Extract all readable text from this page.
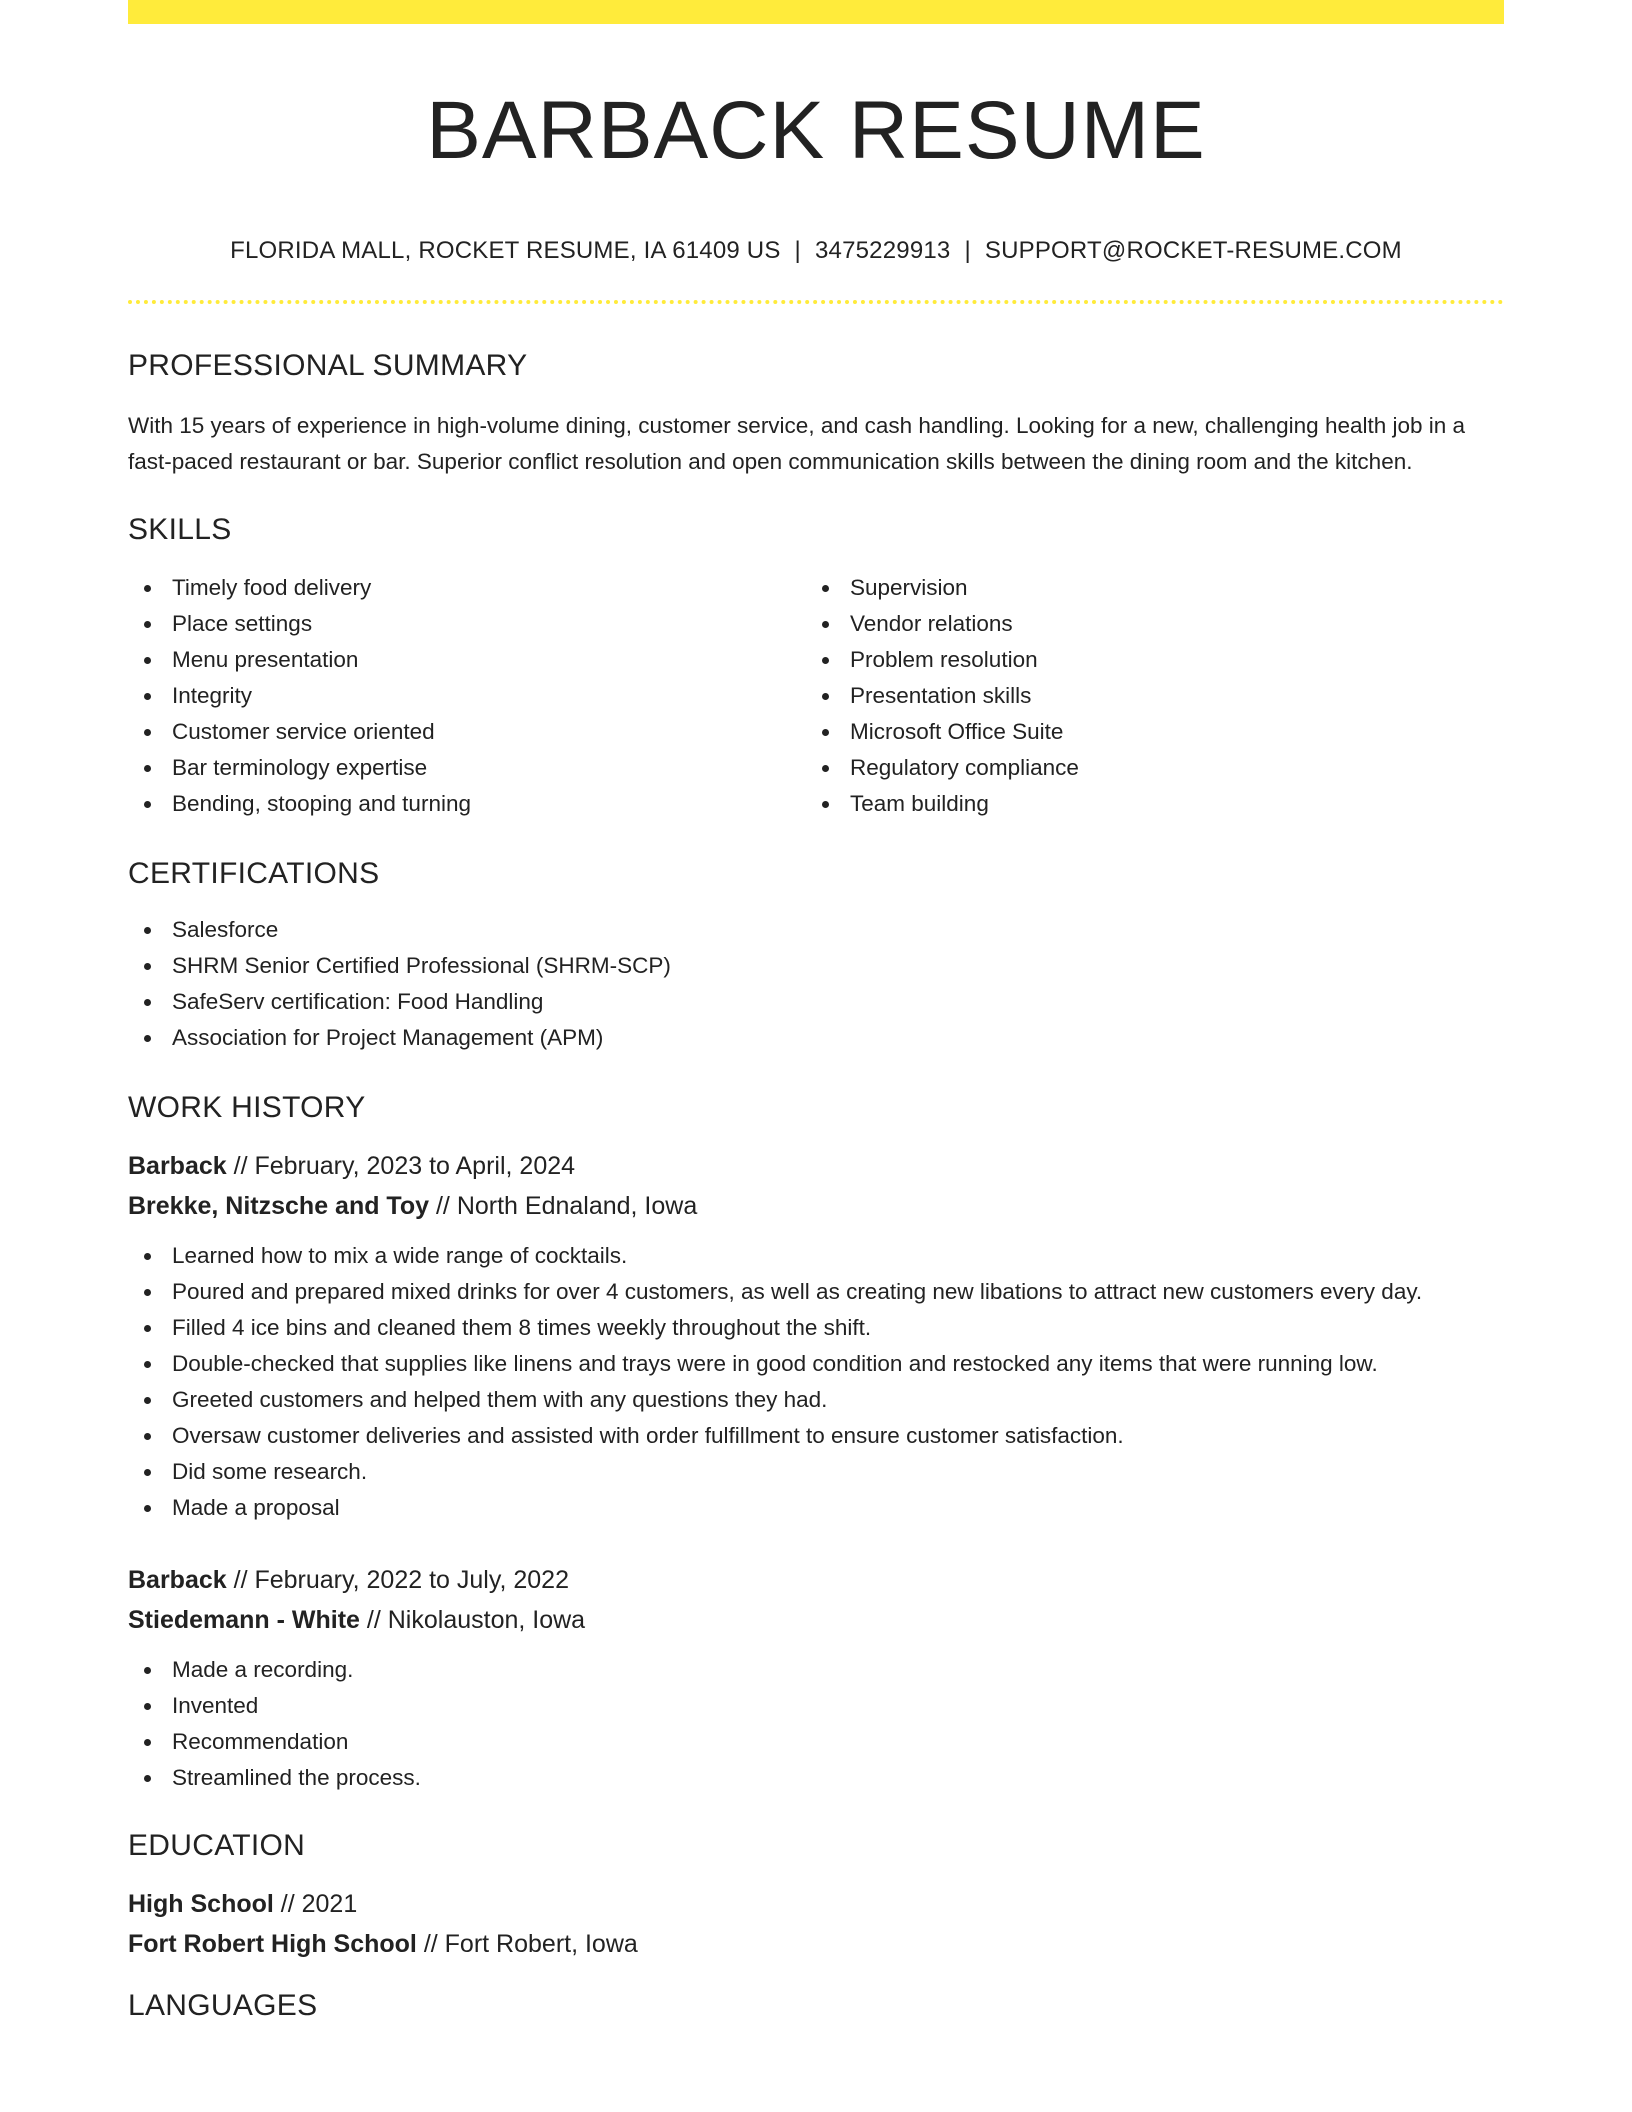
BARBACK RESUME
FLORIDA MALL, ROCKET RESUME, IA 61409 US | 3475229913 | SUPPORT@ROCKET-RESUME.COM
PROFESSIONAL SUMMARY

With 15 years of experience in high-volume dining, customer service, and cash handling. Looking for a new, challenging health job in a fast-paced restaurant or bar. Superior conflict resolution and open communication skills between the dining room and the kitchen.

SKILLS
Timely food delivery
Place settings
Menu presentation
Integrity
Customer service oriented
Bar terminology expertise
Bending, stooping and turning
Supervision
Vendor relations
Problem resolution
Presentation skills
Microsoft Office Suite
Regulatory compliance
Team building
CERTIFICATIONS
Salesforce
SHRM Senior Certified Professional (SHRM-SCP)
SafeServ certification: Food Handling
Association for Project Management (APM)
WORK HISTORY
Barback // February, 2023 to April, 2024
Brekke, Nitzsche and Toy // North Ednaland, Iowa
Learned how to mix a wide range of cocktails.
Poured and prepared mixed drinks for over 4 customers, as well as creating new libations to attract new customers every day.
Filled 4 ice bins and cleaned them 8 times weekly throughout the shift.
Double-checked that supplies like linens and trays were in good condition and restocked any items that were running low.
Greeted customers and helped them with any questions they had.
Oversaw customer deliveries and assisted with order fulfillment to ensure customer satisfaction.
Did some research.
Made a proposal
Barback // February, 2022 to July, 2022
Stiedemann - White // Nikolauston, Iowa
Made a recording.
Invented
Recommendation
Streamlined the process.
EDUCATION
High School // 2021
Fort Robert High School // Fort Robert, Iowa
LANGUAGES
